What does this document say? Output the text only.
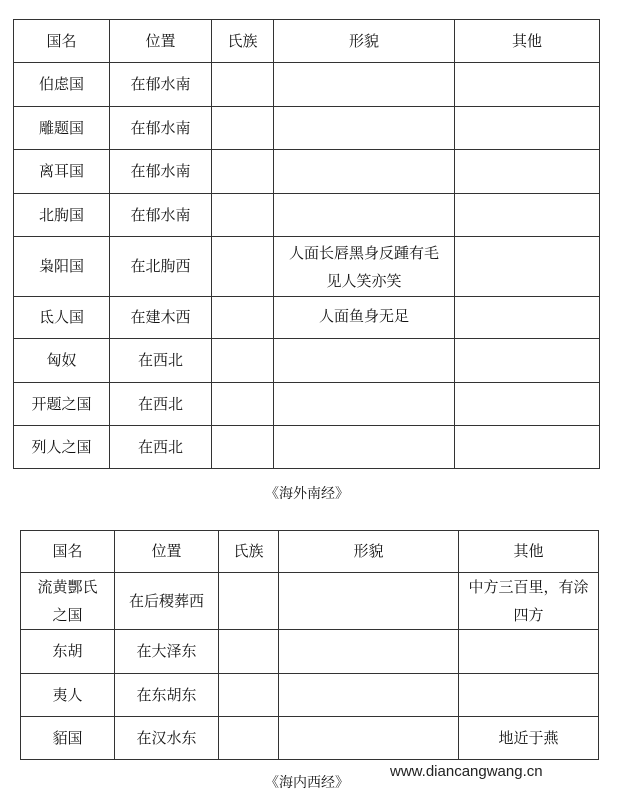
国名	位置	氏族	形貌	其他
伯虑国	在郁水南			
雕题国	在郁水南			
离耳国	在郁水南			
北朐国	在郁水南			
枭阳国	在北朐西		人面长唇黑身反踵有毛见人笑亦笑	
氐人国	在建木西		人面鱼身无足	
匈奴	在西北			
开题之国	在西北			
列人之国	在西北			
《海外南经》
国名	位置	氏族	形貌	其他
流黄酆氏之国	在后稷葬西			中方三百里，有涂四方
东胡	在大泽东			
夷人	在东胡东			
貊国	在汉水东			地近于燕
www.diancangwang.cn
《海内西经》
